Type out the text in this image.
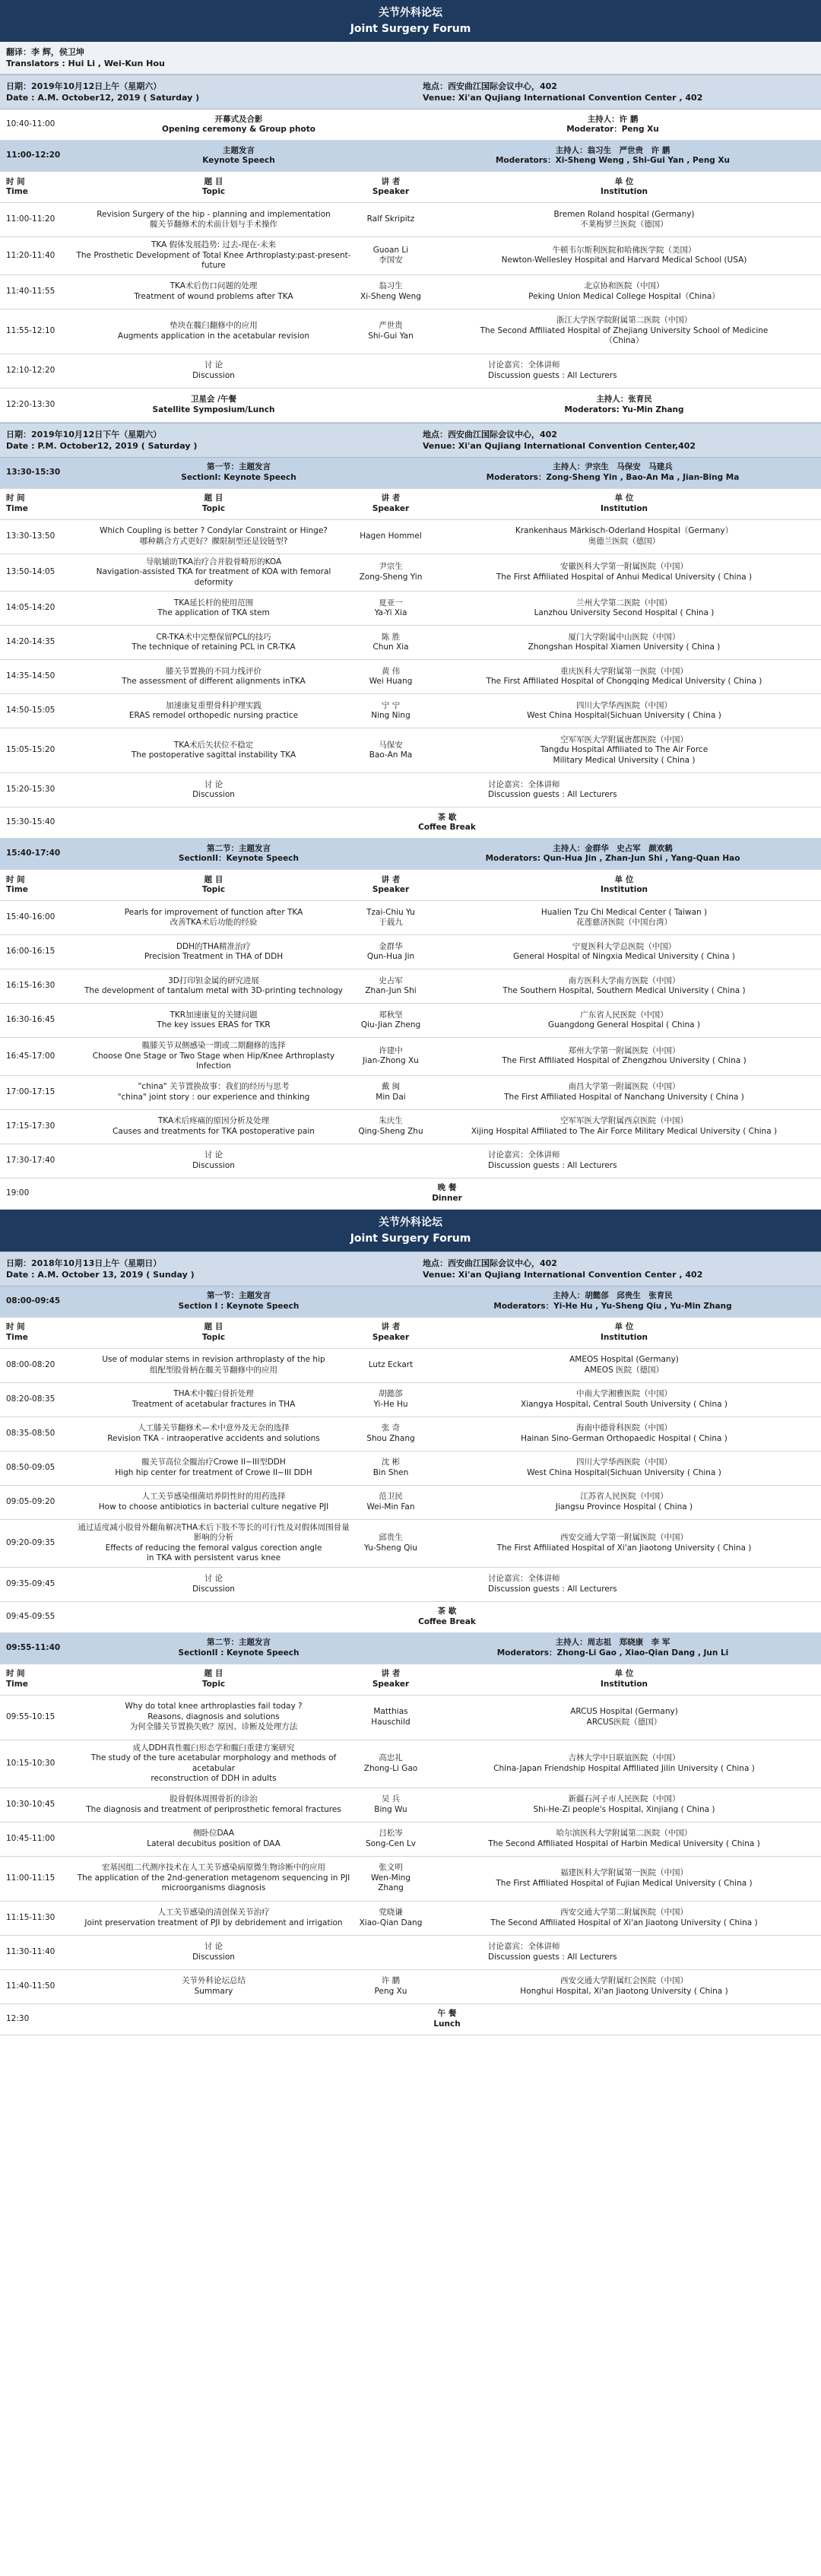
关节外科论坛
Joint Surgery Forum
翻译：李 辉，侯卫坤
Translators : Hui Li , Wei-Kun Hou
日期：2019年10月12日上午（星期六）
Date : A.M. October12, 2019 ( Saturday )
地点：西安曲江国际会议中心，402
Venue: Xi'an Qujiang International Convention Center , 402
10:40-11:00
开幕式及合影
Opening ceremony & Group photo
主持人：许 鹏
Moderator：Peng Xu
11:00-12:20
主题发言
Keynote Speech
主持人：翁习生　严世贵　许 鹏
Moderators：Xi-Sheng Weng , Shi-Gui Yan , Peng Xu
时 间
Time
题 目
Topic
讲 者
Speaker
单 位
Institution
11:00-11:20
Revision Surgery of the hip - planning and implementation
髋关节翻修术的术前计划与手术操作
Ralf Skripitz
Bremen Roland hospital (Germany)
不莱梅罗兰医院（德国）
11:20-11:40
TKA 假体发展趋势: 过去-现在-未来
The Prosthetic Development of Total Knee Arthroplasty:past-present-future
Guoan Li
李国安
牛顿韦尔斯利医院和哈佛医学院（美国）
Newton-Wellesley Hospital and Harvard Medical School (USA)
11:40-11:55
TKA术后伤口问题的处理
Treatment of wound problems after TKA
翁习生
Xi-Sheng Weng
北京协和医院（中国）
Peking Union Medical College Hospital（China）
11:55-12:10
垫块在髋臼翻修中的应用
Augments application in the acetabular revision
严世贵
Shi-Gui Yan
浙江大学医学院附属第二医院（中国）
The Second Affiliated Hospital of Zhejiang University School of Medicine
（China）
12:10-12:20
讨 论
Discussion
讨论嘉宾：全体讲师
Discussion guests : All Lecturers
12:20-13:30
卫星会 /午餐
Satellite Symposium/Lunch
主持人：张育民
Moderators: Yu-Min Zhang
日期：2019年10月12日下午（星期六）
Date : P.M. October12, 2019 ( Saturday )
地点：西安曲江国际会议中心，402
Venue: Xi'an Qujiang International Convention Center,402
13:30-15:30
第一节：主题发言
SectionI: Keynote Speech
主持人：尹宗生　马保安　马建兵
Moderators：Zong-Sheng Yin , Bao-An Ma , Jian-Bing Ma
时 间
Time
题 目
Topic
讲 者
Speaker
单 位
Institution
13:30-13:50
Which Coupling is better ? Condylar Constraint or Hinge?
哪种耦合方式更好？髁限制型还是铰链型?
Hagen Hommel
Krankenhaus Märkisch-Oderland Hospital（Germany）
奥德兰医院（德国）
13:50-14:05
导航辅助TKA治疗合并股骨畸形的KOA
Navigation-assisted TKA for treatment of KOA with femoral deformity
尹宗生
Zong-Sheng Yin
安徽医科大学第一附属医院（中国）
The First Affiliated Hospital of Anhui Medical University ( China )
14:05-14:20
TKA延长杆的使用范围
The application of TKA stem
夏亚一
Ya-Yi Xia
兰州大学第二医院（中国）
Lanzhou University Second Hospital ( China )
14:20-14:35
CR-TKA术中完整保留PCL的技巧
The technique of retaining PCL in CR-TKA
陈 胜
Chun Xia
厦门大学附属中山医院（中国）
Zhongshan Hospital Xiamen University ( China )
14:35-14:50
膝关节置换的不同力线评价
The assessment of different alignments inTKA
黄 伟
Wei Huang
重庆医科大学附属第一医院（中国）
The First Affiliated Hospital of Chongqing Medical University ( China )
14:50-15:05
加速康复重塑骨科护理实践
ERAS remodel orthopedic nursing practice
宁 宁
Ning Ning
四川大学华西医院（中国）
West China Hospital(Sichuan University ( China )
15:05-15:20
TKA术后矢状位不稳定
The postoperative sagittal instability TKA
马保安
Bao-An Ma
空军军医大学附属唐都医院（中国）
Tangdu Hospital Affiliated to The Air Force
Military Medical University ( China )
15:20-15:30
讨 论
Discussion
讨论嘉宾：全体讲师
Discussion guests : All Lecturers
15:30-15:40
茶 歇
Coffee Break
15:40-17:40
第二节：主题发言
SectionII：Keynote Speech
主持人：金群华　史占军　颜欢鹤
Moderators: Qun-Hua Jin , Zhan-Jun Shi , Yang-Quan Hao
时 间
Time
题 目
Topic
讲 者
Speaker
单 位
Institution
15:40-16:00
Pearls for improvement of function after TKA
改善TKA术后功能的经验
Tzai-Chiu Yu
于载九
Hualien Tzu Chi Medical Center ( Taiwan )
花莲慈济医院（中国台湾）
16:00-16:15
DDH的THA精准治疗
Precision Treatment in THA of DDH
金群华
Qun-Hua Jin
宁夏医科大学总医院（中国）
General Hospital of Ningxia Medical University ( China )
16:15-16:30
3D打印钽金属的研究进展
The development of tantalum metal with 3D-printing technology
史占军
Zhan-Jun Shi
南方医科大学南方医院（中国）
The Southern Hospital, Southern Medical University ( China )
16:30-16:45
TKR加速康复的关键问题
The key issues ERAS for TKR
郑秋坚
Qiu-Jian Zheng
广东省人民医院（中国）
Guangdong General Hospital ( China )
16:45-17:00
髋膝关节双侧感染一期或二期翻修的选择
Choose One Stage or Two Stage when Hip/Knee Arthroplasty Infection
许建中
Jian-Zhong Xu
郑州大学第一附属医院（中国）
The First Affiliated Hospital of Zhengzhou University ( China )
17:00-17:15
"china" 关节置换故事：我们的经历与思考
"china" joint story : our experience and thinking
戴 闽
Min Dai
南昌大学第一附属医院（中国）
The First Affiliated Hospital of Nanchang University ( China )
17:15-17:30
TKA术后疼痛的原因分析及处理
Causes and treatments for TKA postoperative pain
朱庆生
Qing-Sheng Zhu
空军军医大学附属西京医院（中国）
Xijing Hospital Affiliated to The Air Force Military Medical University ( China )
17:30-17:40
讨 论
Discussion
讨论嘉宾：全体讲师
Discussion guests : All Lecturers
19:00
晚 餐
Dinner
关节外科论坛
Joint Surgery Forum
日期：2018年10月13日上午（星期日）
Date : A.M. October 13, 2019 ( Sunday )
地点：西安曲江国际会议中心，402
Venue: Xi'an Qujiang International Convention Center , 402
08:00-09:45
第一节：主题发言
Section I : Keynote Speech
主持人：胡懿郃　邱贵生　张育民
Moderators：Yi-He Hu , Yu-Sheng Qiu , Yu-Min Zhang
时 间
Time
题 目
Topic
讲 者
Speaker
单 位
Institution
08:00-08:20
Use of modular stems in revision arthroplasty of the hip
组配型股骨柄在髋关节翻修中的应用
Lutz Eckart
AMEOS Hospital (Germany)
AMEOS 医院（德国）
08:20-08:35
THA术中髋臼骨折处理
Treatment of acetabular fractures in THA
胡懿郃
Yi-He Hu
中南大学湘雅医院（中国）
Xiangya Hospital, Central South University ( China )
08:35-08:50
人工膝关节翻修术—术中意外及无奈的选择
Revision TKA - intraoperative accidents and solutions
张 奇
Shou Zhang
海南中德骨科医院（中国）
Hainan Sino-German Orthopaedic Hospital ( China )
08:50-09:05
髋关节高位全髋治疗Crowe II~III型DDH
High hip center for treatment of Crowe II~III DDH
沈 彬
Bin Shen
四川大学华西医院（中国）
West China Hospital(Sichuan University ( China )
09:05-09:20
人工关节感染细菌培养阴性时的用药选择
How to choose antibiotics in bacterial culture negative PJI
范卫民
Wei-Min Fan
江苏省人民医院（中国）
Jiangsu Province Hospital ( China )
09:20-09:35
通过适度减小股骨外翻角解决THA术后下肢不等长的可行性及对假体周围骨量影响的分析
Effects of reducing the femoral valgus corection angle
in TKA with persistent varus knee
邱贵生
Yu-Sheng Qiu
西安交通大学第一附属医院（中国）
The First Affiliated Hospital of Xi'an Jiaotong University ( China )
09:35-09:45
讨 论
Discussion
讨论嘉宾：全体讲师
Discussion guests : All Lecturers
09:45-09:55
茶 歇
Coffee Break
09:55-11:40
第二节：主题发言
SectionII : Keynote Speech
主持人：周志祖　郑晓康　李 军
Moderators：Zhong-Li Gao , Xiao-Qian Dang , Jun Li
时 间
Time
题 目
Topic
讲 者
Speaker
单 位
Institution
09:55-10:15
Why do total knee arthroplasties fail today ?
Reasons, diagnosis and solutions
为何全膝关节置换失败？原因、诊断及处理方法
Matthias
Hauschild
ARCUS Hospital (Germany)
ARCUS医院（德国）
10:15-10:30
成人DDH真性髋臼形态学和髋臼重建方案研究
The study of the ture acetabular morphology and methods of acetabular
reconstruction of DDH in adults
高忠礼
Zhong-Li Gao
吉林大学中日联谊医院（中国）
China-Japan Friendship Hospital Affiliated Jilin University ( China )
10:30-10:45
股骨假体周围骨折的诊治
The diagnosis and treatment of periprosthetic femoral fractures
吴 兵
Bing Wu
新疆石河子市人民医院（中国）
Shi-He-Zi people's Hospital, Xinjiang ( China )
10:45-11:00
侧卧位DAA
Lateral decubitus position of DAA
吕松岑
Song-Cen Lv
哈尔滨医科大学附属第二医院（中国）
The Second Affiliated Hospital of Harbin Medical University ( China )
11:00-11:15
宏基因组二代测序技术在人工关节感染病原微生物诊断中的应用
The application of the 2nd-generation metagenom sequencing in PJI
microorganisms diagnosis
张文明
Wen-Ming
Zhang
福建医科大学附属第一医院（中国）
The First Affiliated Hospital of Fujian Medical University ( China )
11:15-11:30
人工关节感染的清创保关节治疗
Joint preservation treatment of PJI by debridement and irrigation
党晓谦
Xiao-Qian Dang
西安交通大学第二附属医院（中国）
The Second Affiliated Hospital of Xi'an Jiaotong University ( China )
11:30-11:40
讨 论
Discussion
讨论嘉宾：全体讲师
Discussion guests : All Lecturers
11:40-11:50
关节外科论坛总结
Summary
许 鹏
Peng Xu
西安交通大学附属红会医院（中国）
Honghui Hospital, Xi'an Jiaotong University ( China )
12:30
午 餐
Lunch
